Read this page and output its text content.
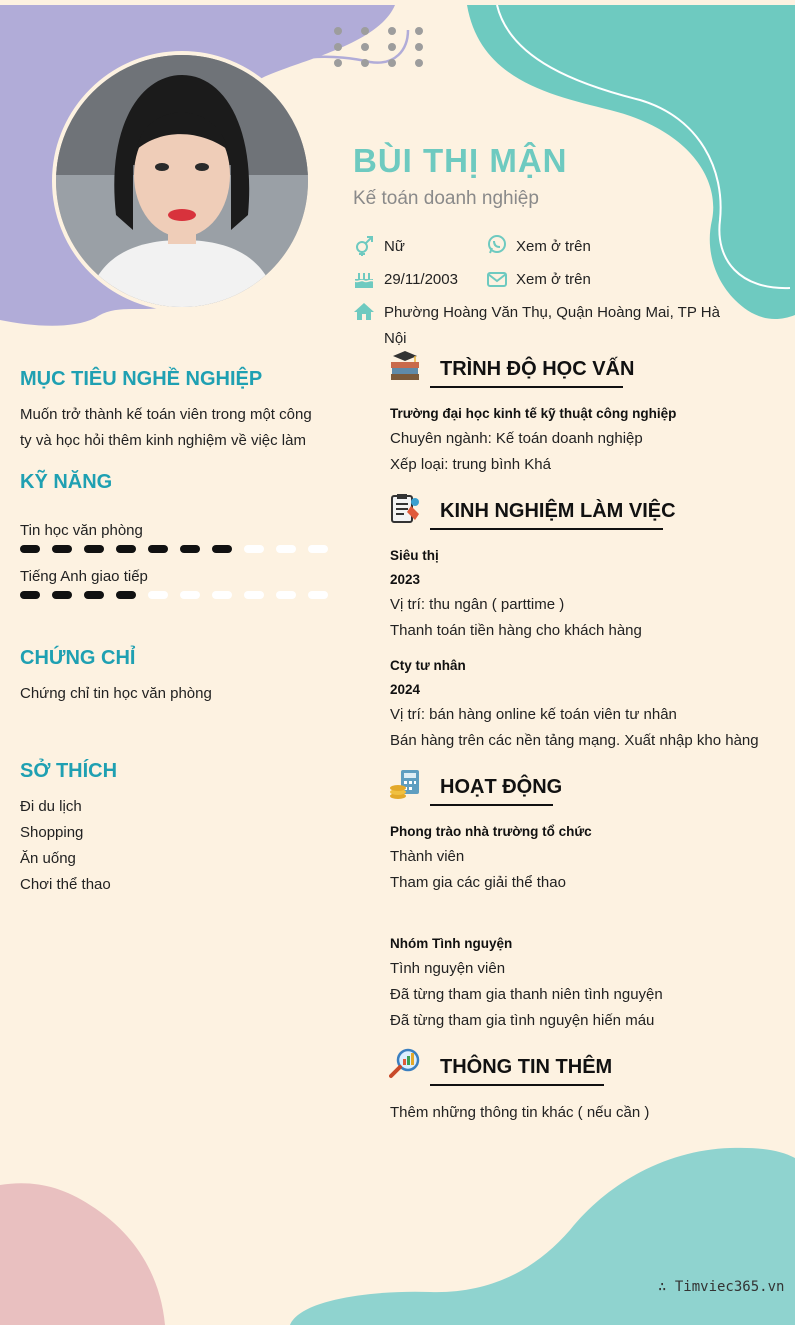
BÙI THỊ MẬN
Kế toán doanh nghiệp
Nữ	Xem ở trên
29/11/2003	Xem ở trên
Phường Hoàng Văn Thụ, Quận Hoàng Mai, TP Hà
Nội
MỤC TIÊU NGHỀ NGHIỆP
Muốn trở thành kế toán viên trong một công
ty và học hỏi thêm kinh nghiệm về việc làm
KỸ NĂNG
Tin học văn phòng
Tiếng Anh giao tiếp
CHỨNG CHỈ
Chứng chỉ tin học văn phòng
SỞ THÍCH
Đi du lịch
Shopping
Ăn uống
Chơi thể thao
TRÌNH ĐỘ HỌC VẤN
Trường đại học kinh tế kỹ thuật công nghiệp
Chuyên ngành: Kế toán doanh nghiệp
Xếp loại: trung bình Khá
KINH NGHIỆM LÀM VIỆC
Siêu thị
2023
Vị trí: thu ngân ( parttime )
Thanh toán tiền hàng cho khách hàng
Cty tư nhân
2024
Vị trí: bán hàng online kế toán viên tư nhân
Bán hàng trên các nền tảng mạng. Xuất nhập kho hàng
HOẠT ĐỘNG
Phong trào nhà trường tổ chức
Thành viên
Tham gia các giải thể thao
Nhóm Tình nguyện
Tình nguyện viên
Đã từng tham gia thanh niên tình nguyện
Đã từng tham gia tình nguyện hiến máu
THÔNG TIN THÊM
Thêm những thông tin khác ( nếu cần )
∴ Timviec365.vn
